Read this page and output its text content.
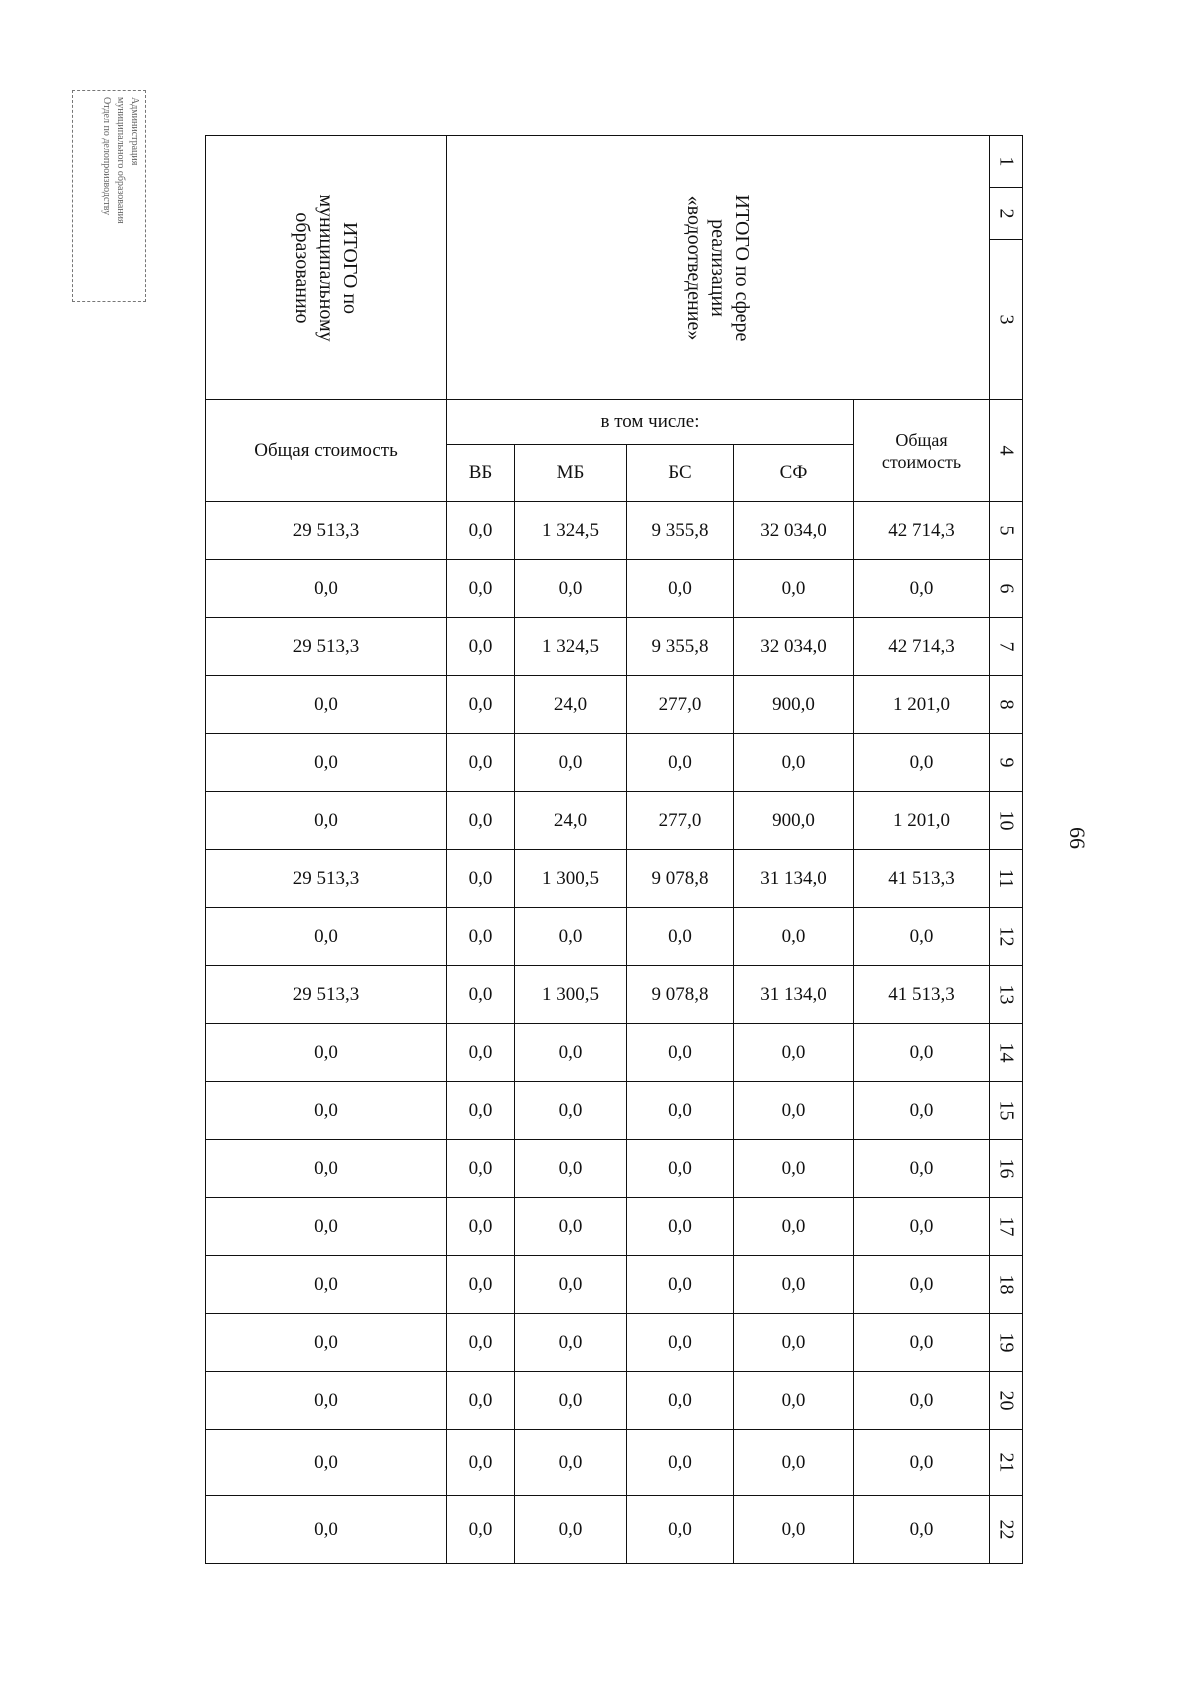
Администрация
муниципального образования
Отдел по делопроизводству
66
ИТОГО по муниципальному образованию	ИТОГО по сфере реализации «водоотведение»					1
						2
						3
Общая стоимость	в том числе:				Общая стоимость	4
	ВБ	МБ	БС	СФ		
29 513,3	0,0	1 324,5	9 355,8	32 034,0	42 714,3	5
0,0	0,0	0,0	0,0	0,0	0,0	6
29 513,3	0,0	1 324,5	9 355,8	32 034,0	42 714,3	7
0,0	0,0	24,0	277,0	900,0	1 201,0	8
0,0	0,0	0,0	0,0	0,0	0,0	9
0,0	0,0	24,0	277,0	900,0	1 201,0	10
29 513,3	0,0	1 300,5	9 078,8	31 134,0	41 513,3	11
0,0	0,0	0,0	0,0	0,0	0,0	12
29 513,3	0,0	1 300,5	9 078,8	31 134,0	41 513,3	13
0,0	0,0	0,0	0,0	0,0	0,0	14
0,0	0,0	0,0	0,0	0,0	0,0	15
0,0	0,0	0,0	0,0	0,0	0,0	16
0,0	0,0	0,0	0,0	0,0	0,0	17
0,0	0,0	0,0	0,0	0,0	0,0	18
0,0	0,0	0,0	0,0	0,0	0,0	19
0,0	0,0	0,0	0,0	0,0	0,0	20
0,0	0,0	0,0	0,0	0,0	0,0	21
0,0	0,0	0,0	0,0	0,0	0,0	22
